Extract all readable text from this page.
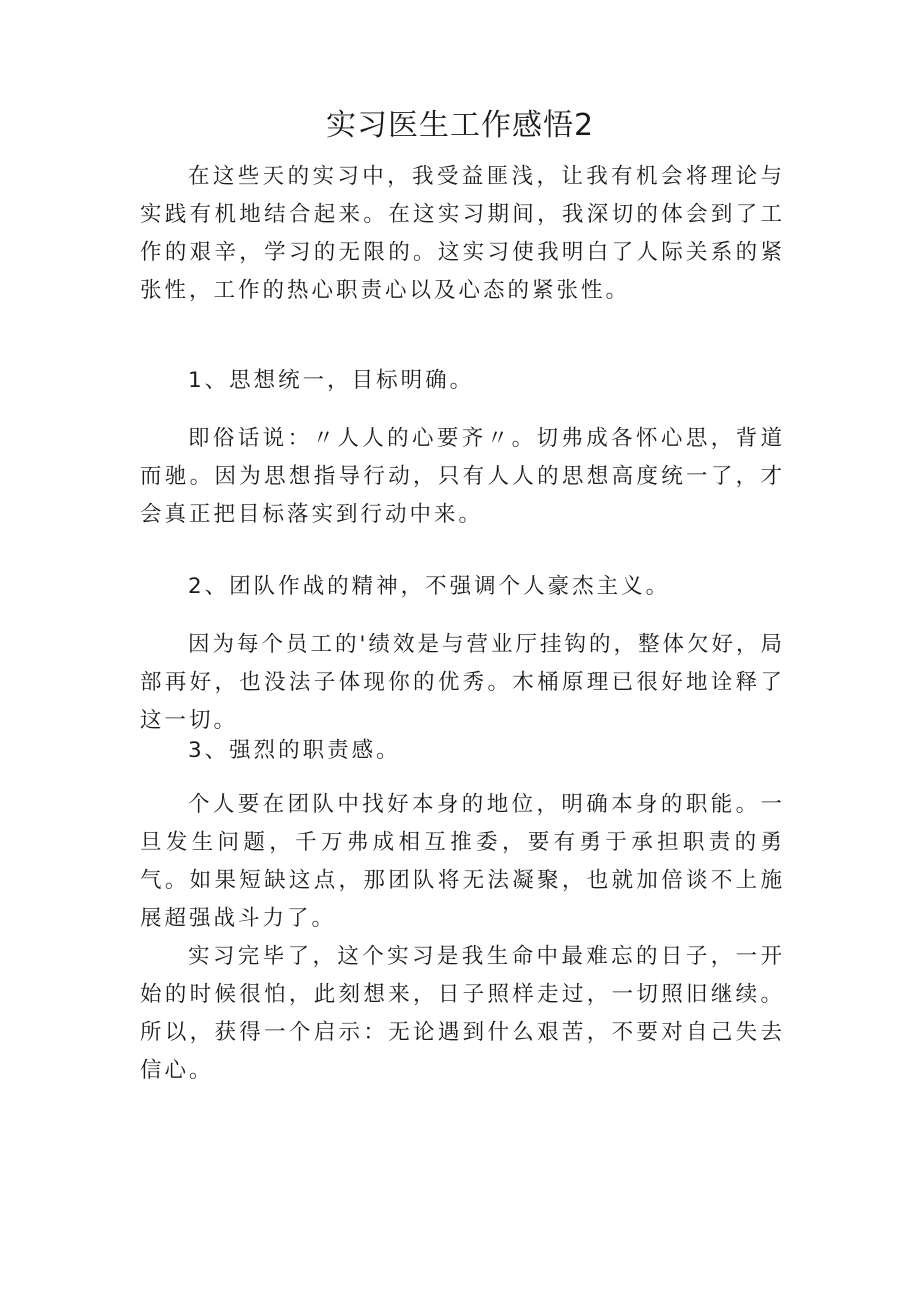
实习医生工作感悟2

在这些天的实习中，我受益匪浅，让我有机会将理论与实践有机地结合起来。在这实习期间，我深切的体会到了工作的艰辛，学习的无限的。这实习使我明白了人际关系的紧张性，工作的热心职责心以及心态的紧张性。

1、思想统一，目标明确。

即俗话说：〃人人的心要齐〃。切弗成各怀心思，背道而驰。因为思想指导行动，只有人人的思想高度统一了，才会真正把目标落实到行动中来。

2、团队作战的精神，不强调个人豪杰主义。

因为每个员工的'绩效是与营业厅挂钩的，整体欠好，局部再好，也没法子体现你的优秀。木桶原理已很好地诠释了这一切。

3、强烈的职责感。

个人要在团队中找好本身的地位，明确本身的职能。一旦发生问题，千万弗成相互推委，要有勇于承担职责的勇气。如果短缺这点，那团队将无法凝聚，也就加倍谈不上施展超强战斗力了。

实习完毕了，这个实习是我生命中最难忘的日子，一开始的时候很怕，此刻想来，日子照样走过，一切照旧继续。所以，获得一个启示：无论遇到什么艰苦，不要对自己失去信心。
